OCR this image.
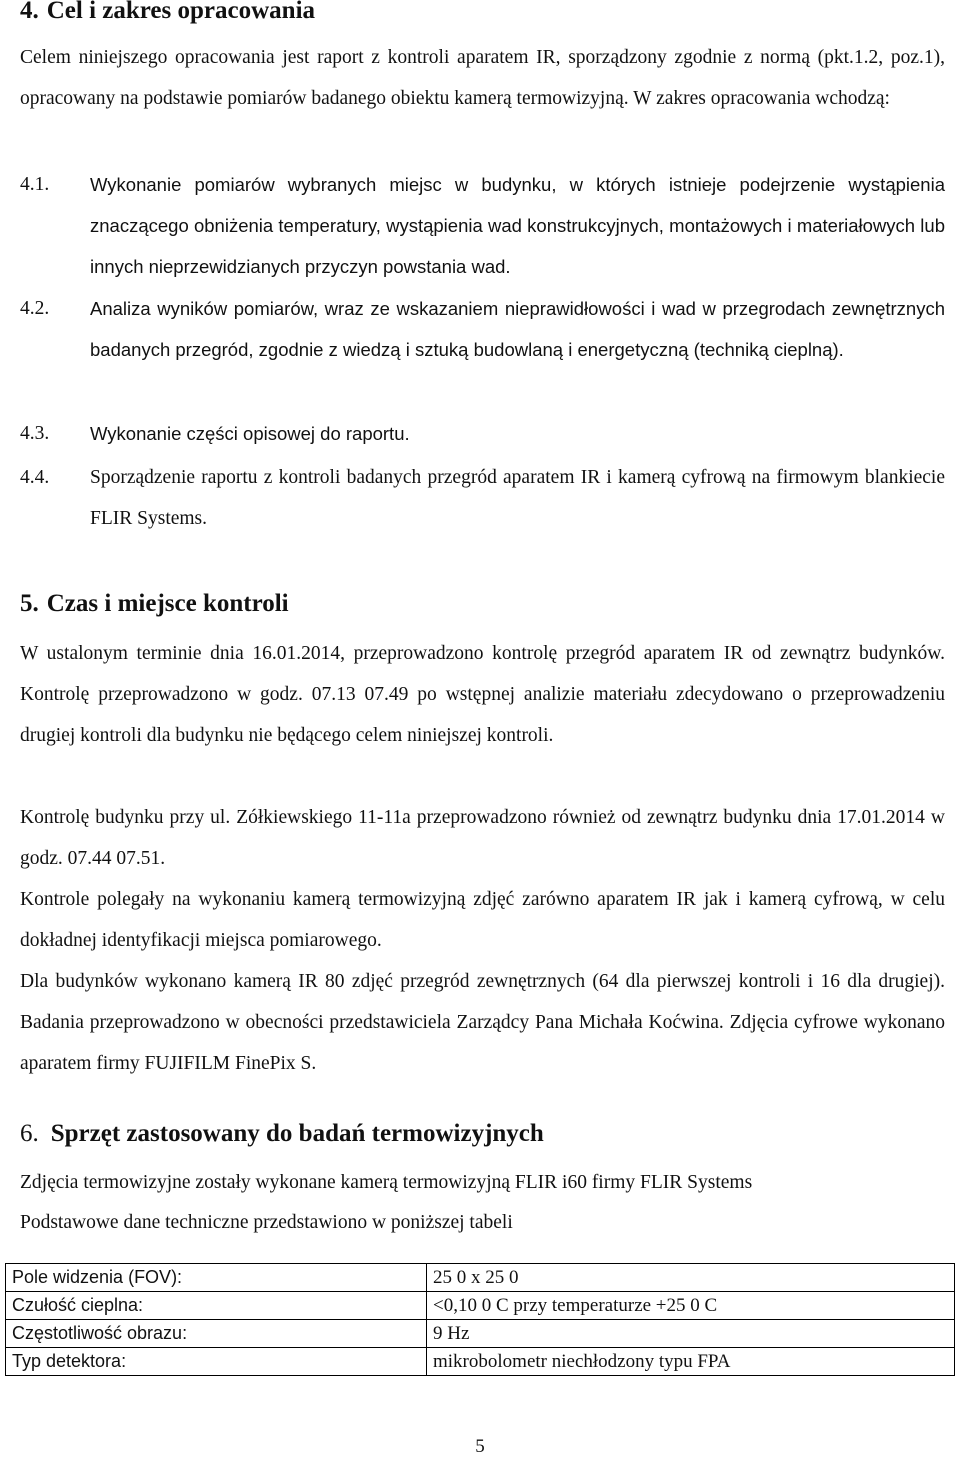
4. Cel i zakres opracowania

Celem niniejszego opracowania jest raport z kontroli aparatem IR, sporządzony zgodnie z normą (pkt.1.2, poz.1), opracowany na podstawie pomiarów badanego obiektu kamerą termowizyjną. W zakres opracowania wchodzą:

4.1. Wykonanie pomiarów wybranych miejsc w budynku, w których istnieje podejrzenie wystąpienia znaczącego obniżenia temperatury, wystąpienia wad konstrukcyjnych, montażowych i materiałowych lub innych nieprzewidzianych przyczyn powstania wad.
4.2. Analiza wyników pomiarów, wraz ze wskazaniem nieprawidłowości i wad w przegrodach zewnętrznych badanych przegród, zgodnie z wiedzą i sztuką budowlaną i energetyczną (techniką cieplną).
4.3. Wykonanie części opisowej do raportu.
4.4. Sporządzenie raportu z kontroli badanych przegród aparatem IR i kamerą cyfrową na firmowym blankiecie FLIR Systems.
5. Czas i miejsce kontroli

W ustalonym terminie dnia 16.01.2014, przeprowadzono kontrolę przegród aparatem IR od zewnątrz budynków. Kontrolę przeprowadzono w godz. 07.13 07.49 po wstępnej analizie materiału zdecydowano o przeprowadzeniu drugiej kontroli dla budynku nie będącego celem niniejszej kontroli.

Kontrolę budynku przy ul. Zółkiewskiego 11-11a przeprowadzono również od zewnątrz budynku dnia 17.01.2014 w godz. 07.44 07.51.

Kontrole polegały na wykonaniu kamerą termowizyjną zdjęć zarówno aparatem IR jak i kamerą cyfrową, w celu dokładnej identyfikacji miejsca pomiarowego.

Dla budynków wykonano kamerą IR 80 zdjęć przegród zewnętrznych (64 dla pierwszej kontroli i 16 dla drugiej). Badania przeprowadzono w obecności przedstawiciela Zarządcy Pana Michała Koćwina. Zdjęcia cyfrowe wykonano aparatem firmy FUJIFILM FinePix S.

6. Sprzęt zastosowany do badań termowizyjnych

Zdjęcia termowizyjne zostały wykonane kamerą termowizyjną FLIR i60 firmy FLIR Systems

Podstawowe dane techniczne przedstawiono w poniższej tabeli

Pole widzenia (FOV):	25 0 x 25 0
Czułość cieplna:	<0,10 0 C przy temperaturze +25 0 C
Częstotliwość obrazu:	9 Hz
Typ detektora:	mikrobolometr niechłodzony typu FPA
5
